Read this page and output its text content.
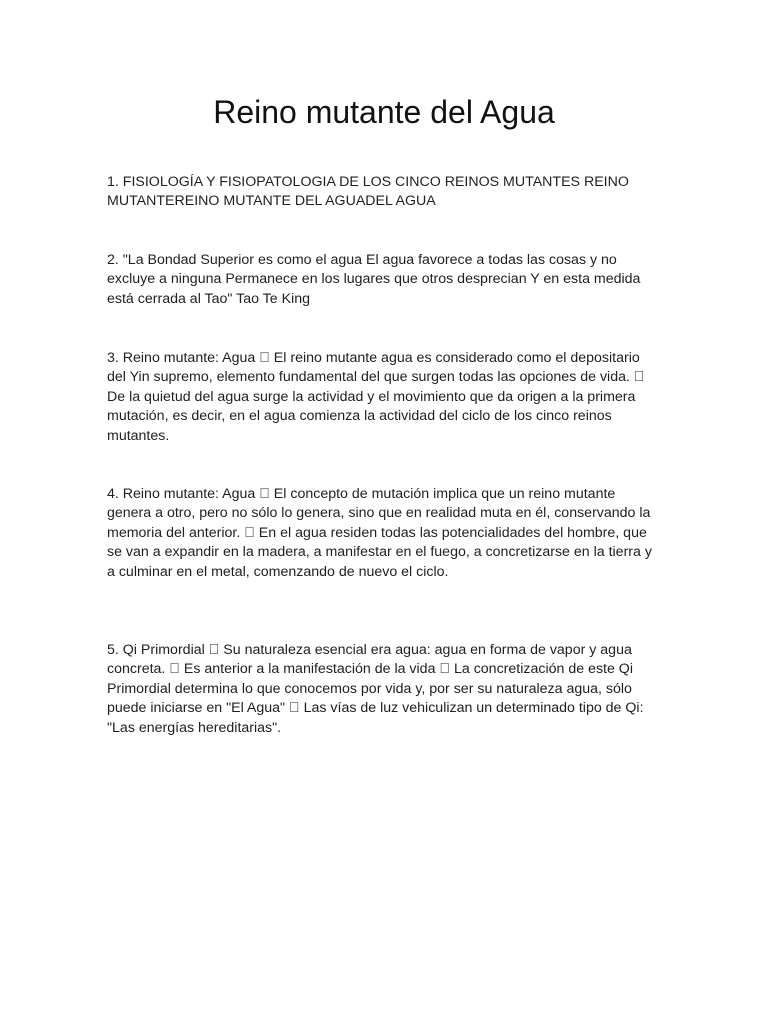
Reino mutante del Agua

1. FISIOLOGÍA Y FISIOPATOLOGIA DE LOS CINCO REINOS MUTANTES REINO MUTANTEREINO MUTANTE DEL AGUADEL AGUA

2. "La Bondad Superior es como el agua El agua favorece a todas las cosas y no excluye a ninguna Permanece en los lugares que otros desprecian Y en esta medida está cerrada al Tao" Tao Te King

3. Reino mutante: Agua El reino mutante agua es considerado como el depositario del Yin supremo, elemento fundamental del que surgen todas las opciones de vida. De la quietud del agua surge la actividad y el movimiento que da origen a la primera mutación, es decir, en el agua comienza la actividad del ciclo de los cinco reinos mutantes.

4. Reino mutante: Agua El concepto de mutación implica que un reino mutante genera a otro, pero no sólo lo genera, sino que en realidad muta en él, conservando la memoria del anterior. En el agua residen todas las potencialidades del hombre, que se van a expandir en la madera, a manifestar en el fuego, a concretizarse en la tierra y a culminar en el metal, comenzando de nuevo el ciclo.

5. Qi Primordial Su naturaleza esencial era agua: agua en forma de vapor y agua concreta. Es anterior a la manifestación de la vida La concretización de este Qi Primordial determina lo que conocemos por vida y, por ser su naturaleza agua, sólo puede iniciarse en "El Agua" Las vías de luz vehiculizan un determinado tipo de Qi: "Las energías hereditarias".
